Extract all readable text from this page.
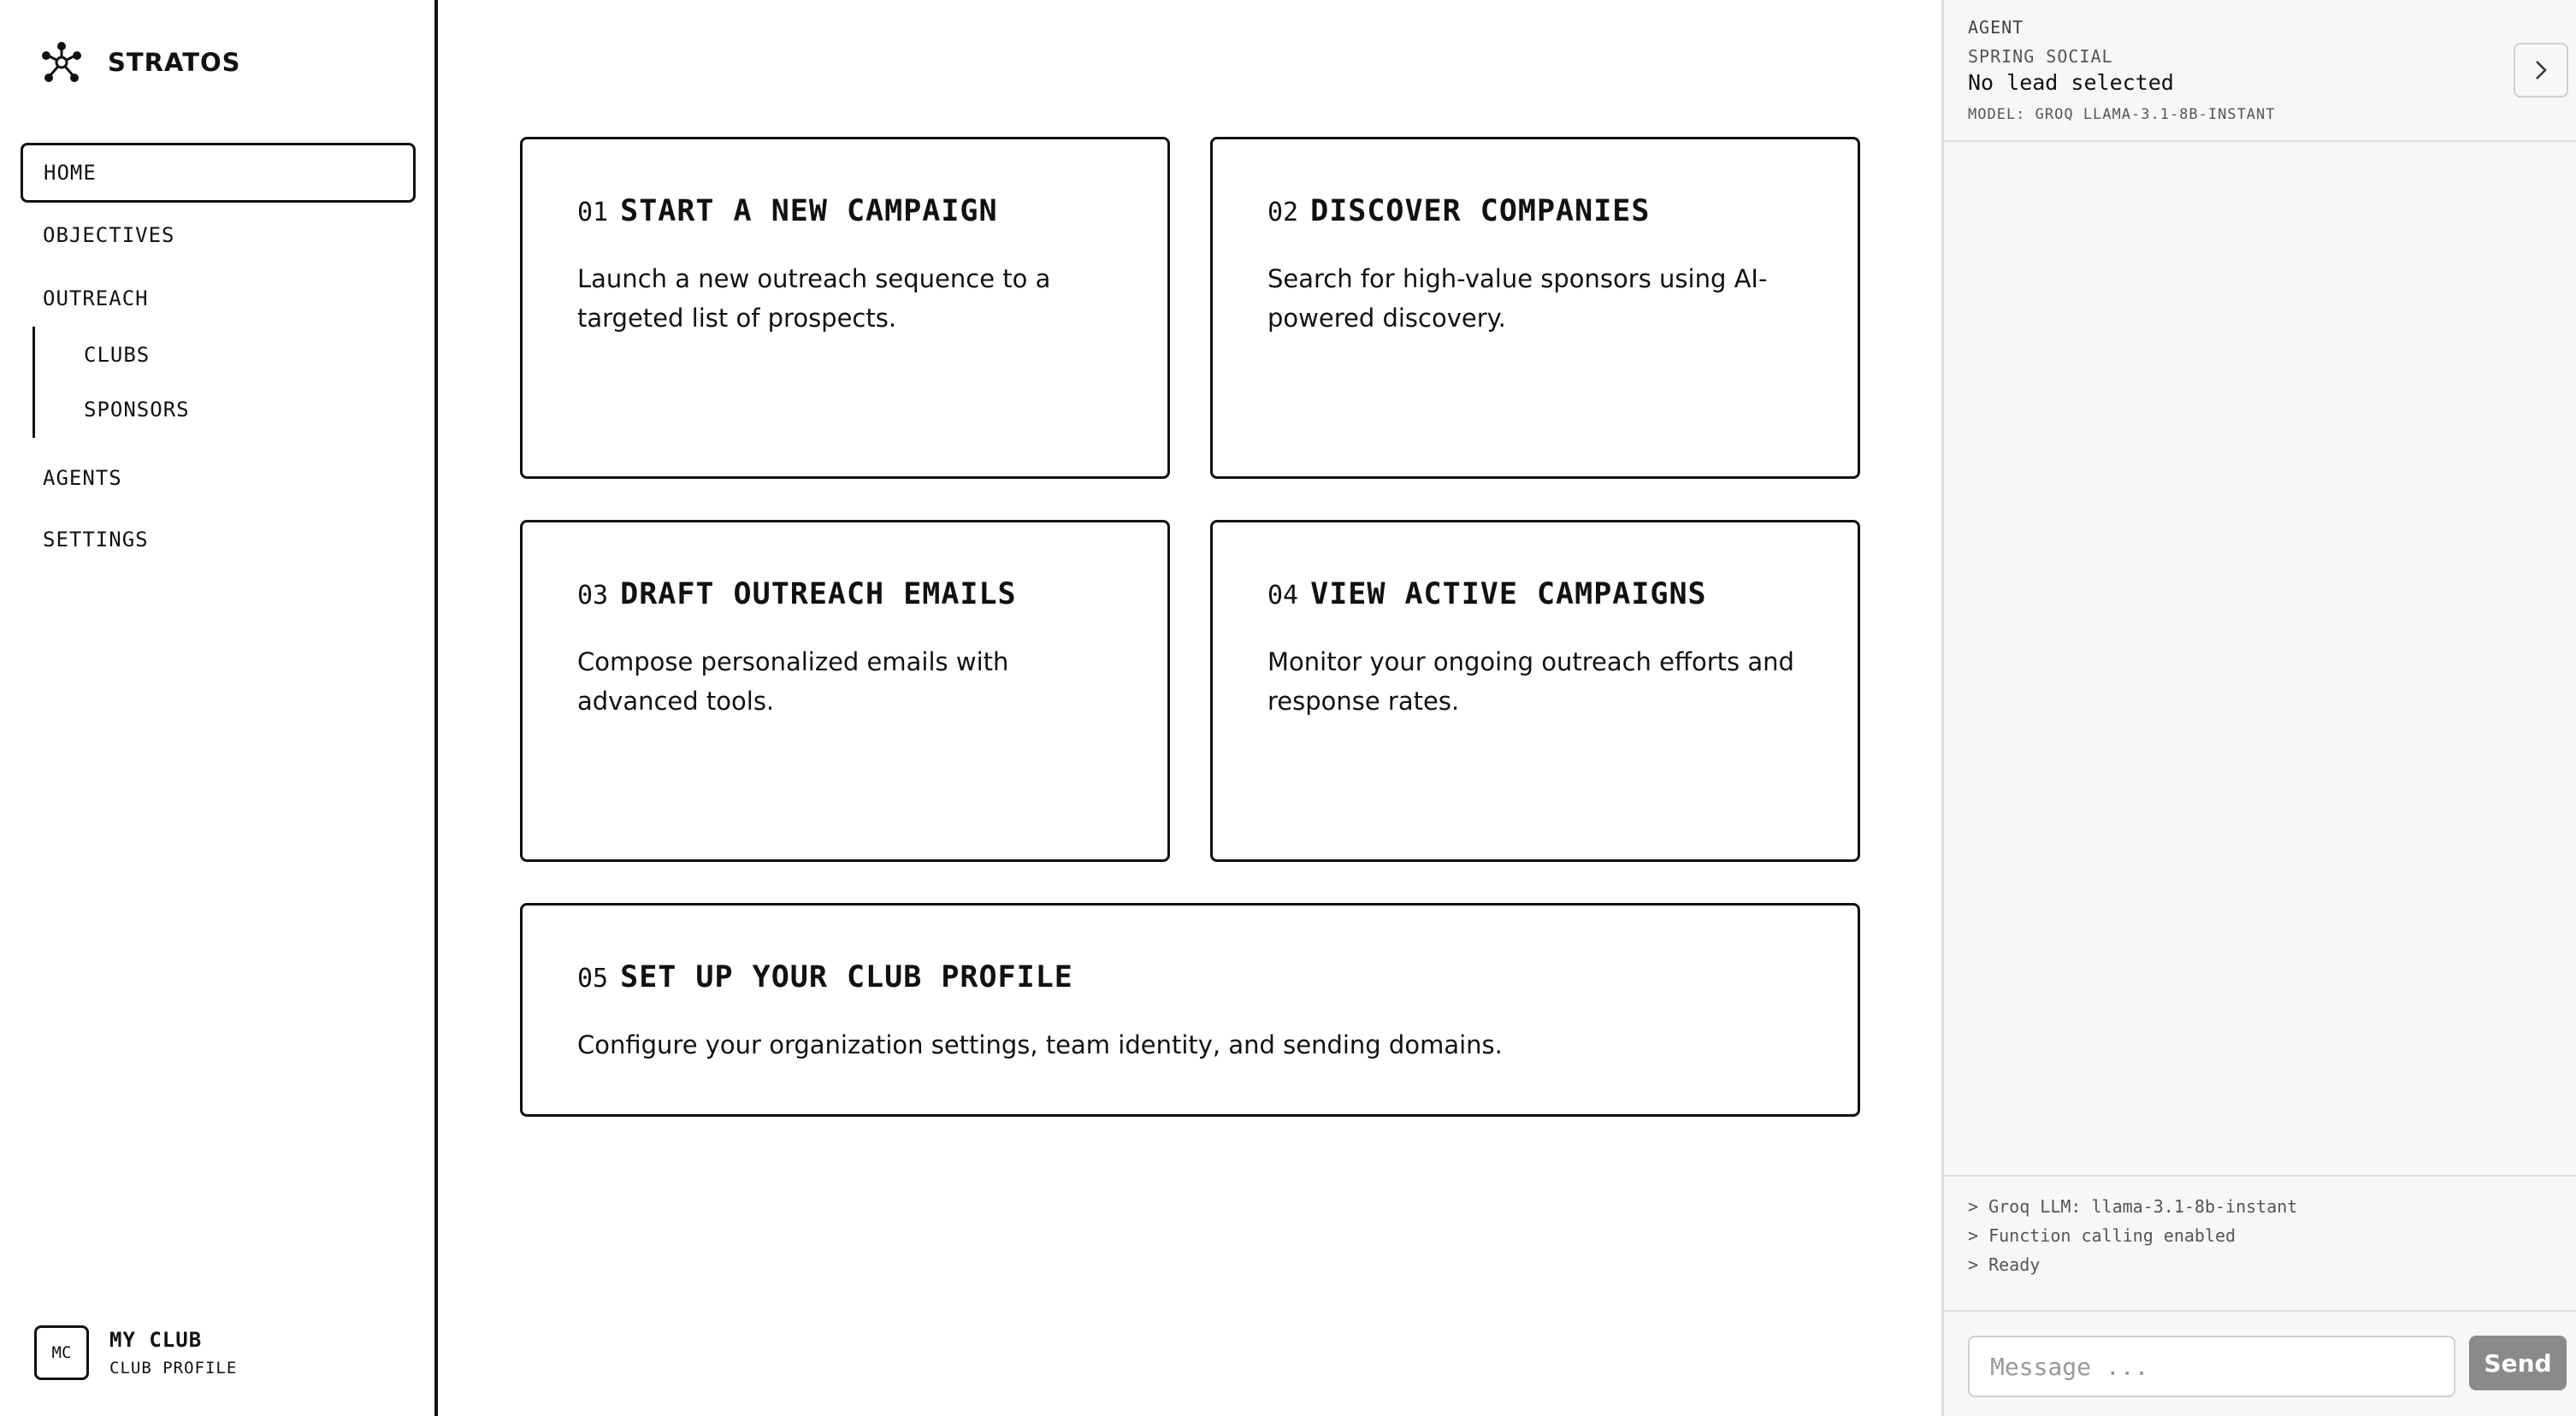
STRATOS
HOME
OBJECTIVES
OUTREACH
CLUBS
SPONSORS
AGENTS
SETTINGS
MC
MY CLUB
CLUB PROFILE
01 START A NEW CAMPAIGN
Launch a new outreach sequence to a targeted list of prospects.
02 DISCOVER COMPANIES
Search for high-value sponsors using AI-powered discovery.
03 DRAFT OUTREACH EMAILS
Compose personalized emails with advanced tools.
04 VIEW ACTIVE CAMPAIGNS
Monitor your ongoing outreach efforts and response rates.
05 SET UP YOUR CLUB PROFILE
Configure your organization settings, team identity, and sending domains.
AGENT
SPRING SOCIAL
No lead selected
MODEL: GROQ LLAMA-3.1-8B-INSTANT
> Groq LLM: llama-3.1-8b-instant
> Function calling enabled
> Ready
Message ...
Send
